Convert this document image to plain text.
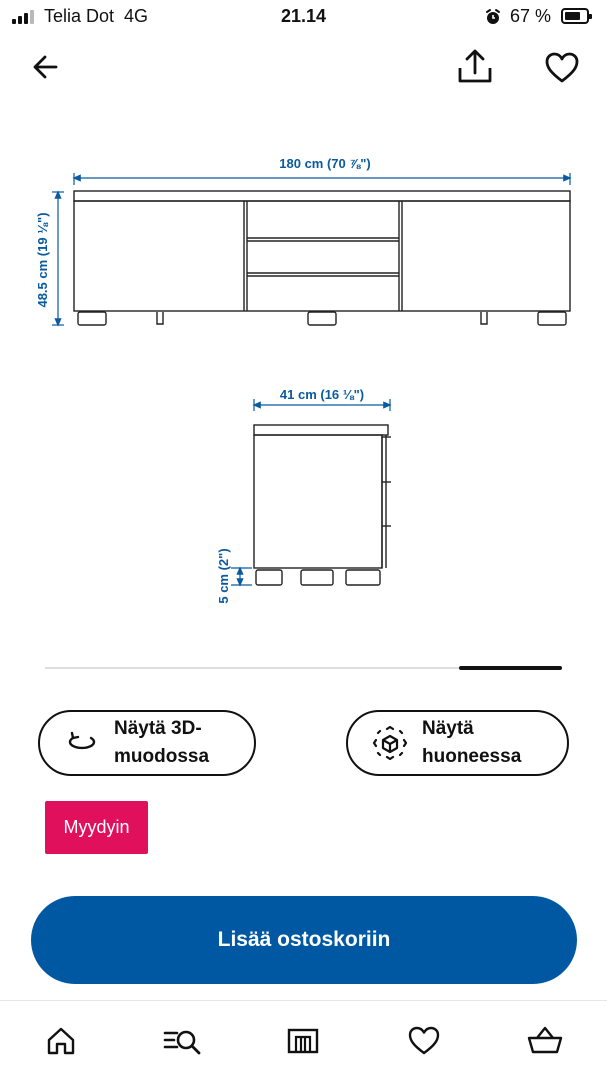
Telia Dot 4G	21.14	67 %
180 cm (70 ⅞")
48.5 cm (19 ⅛")
41 cm (16 ⅛")
5 cm (2")
Näytä 3D-muodossa
Näytä huoneessa
Myydyin
Lisää ostoskoriin
